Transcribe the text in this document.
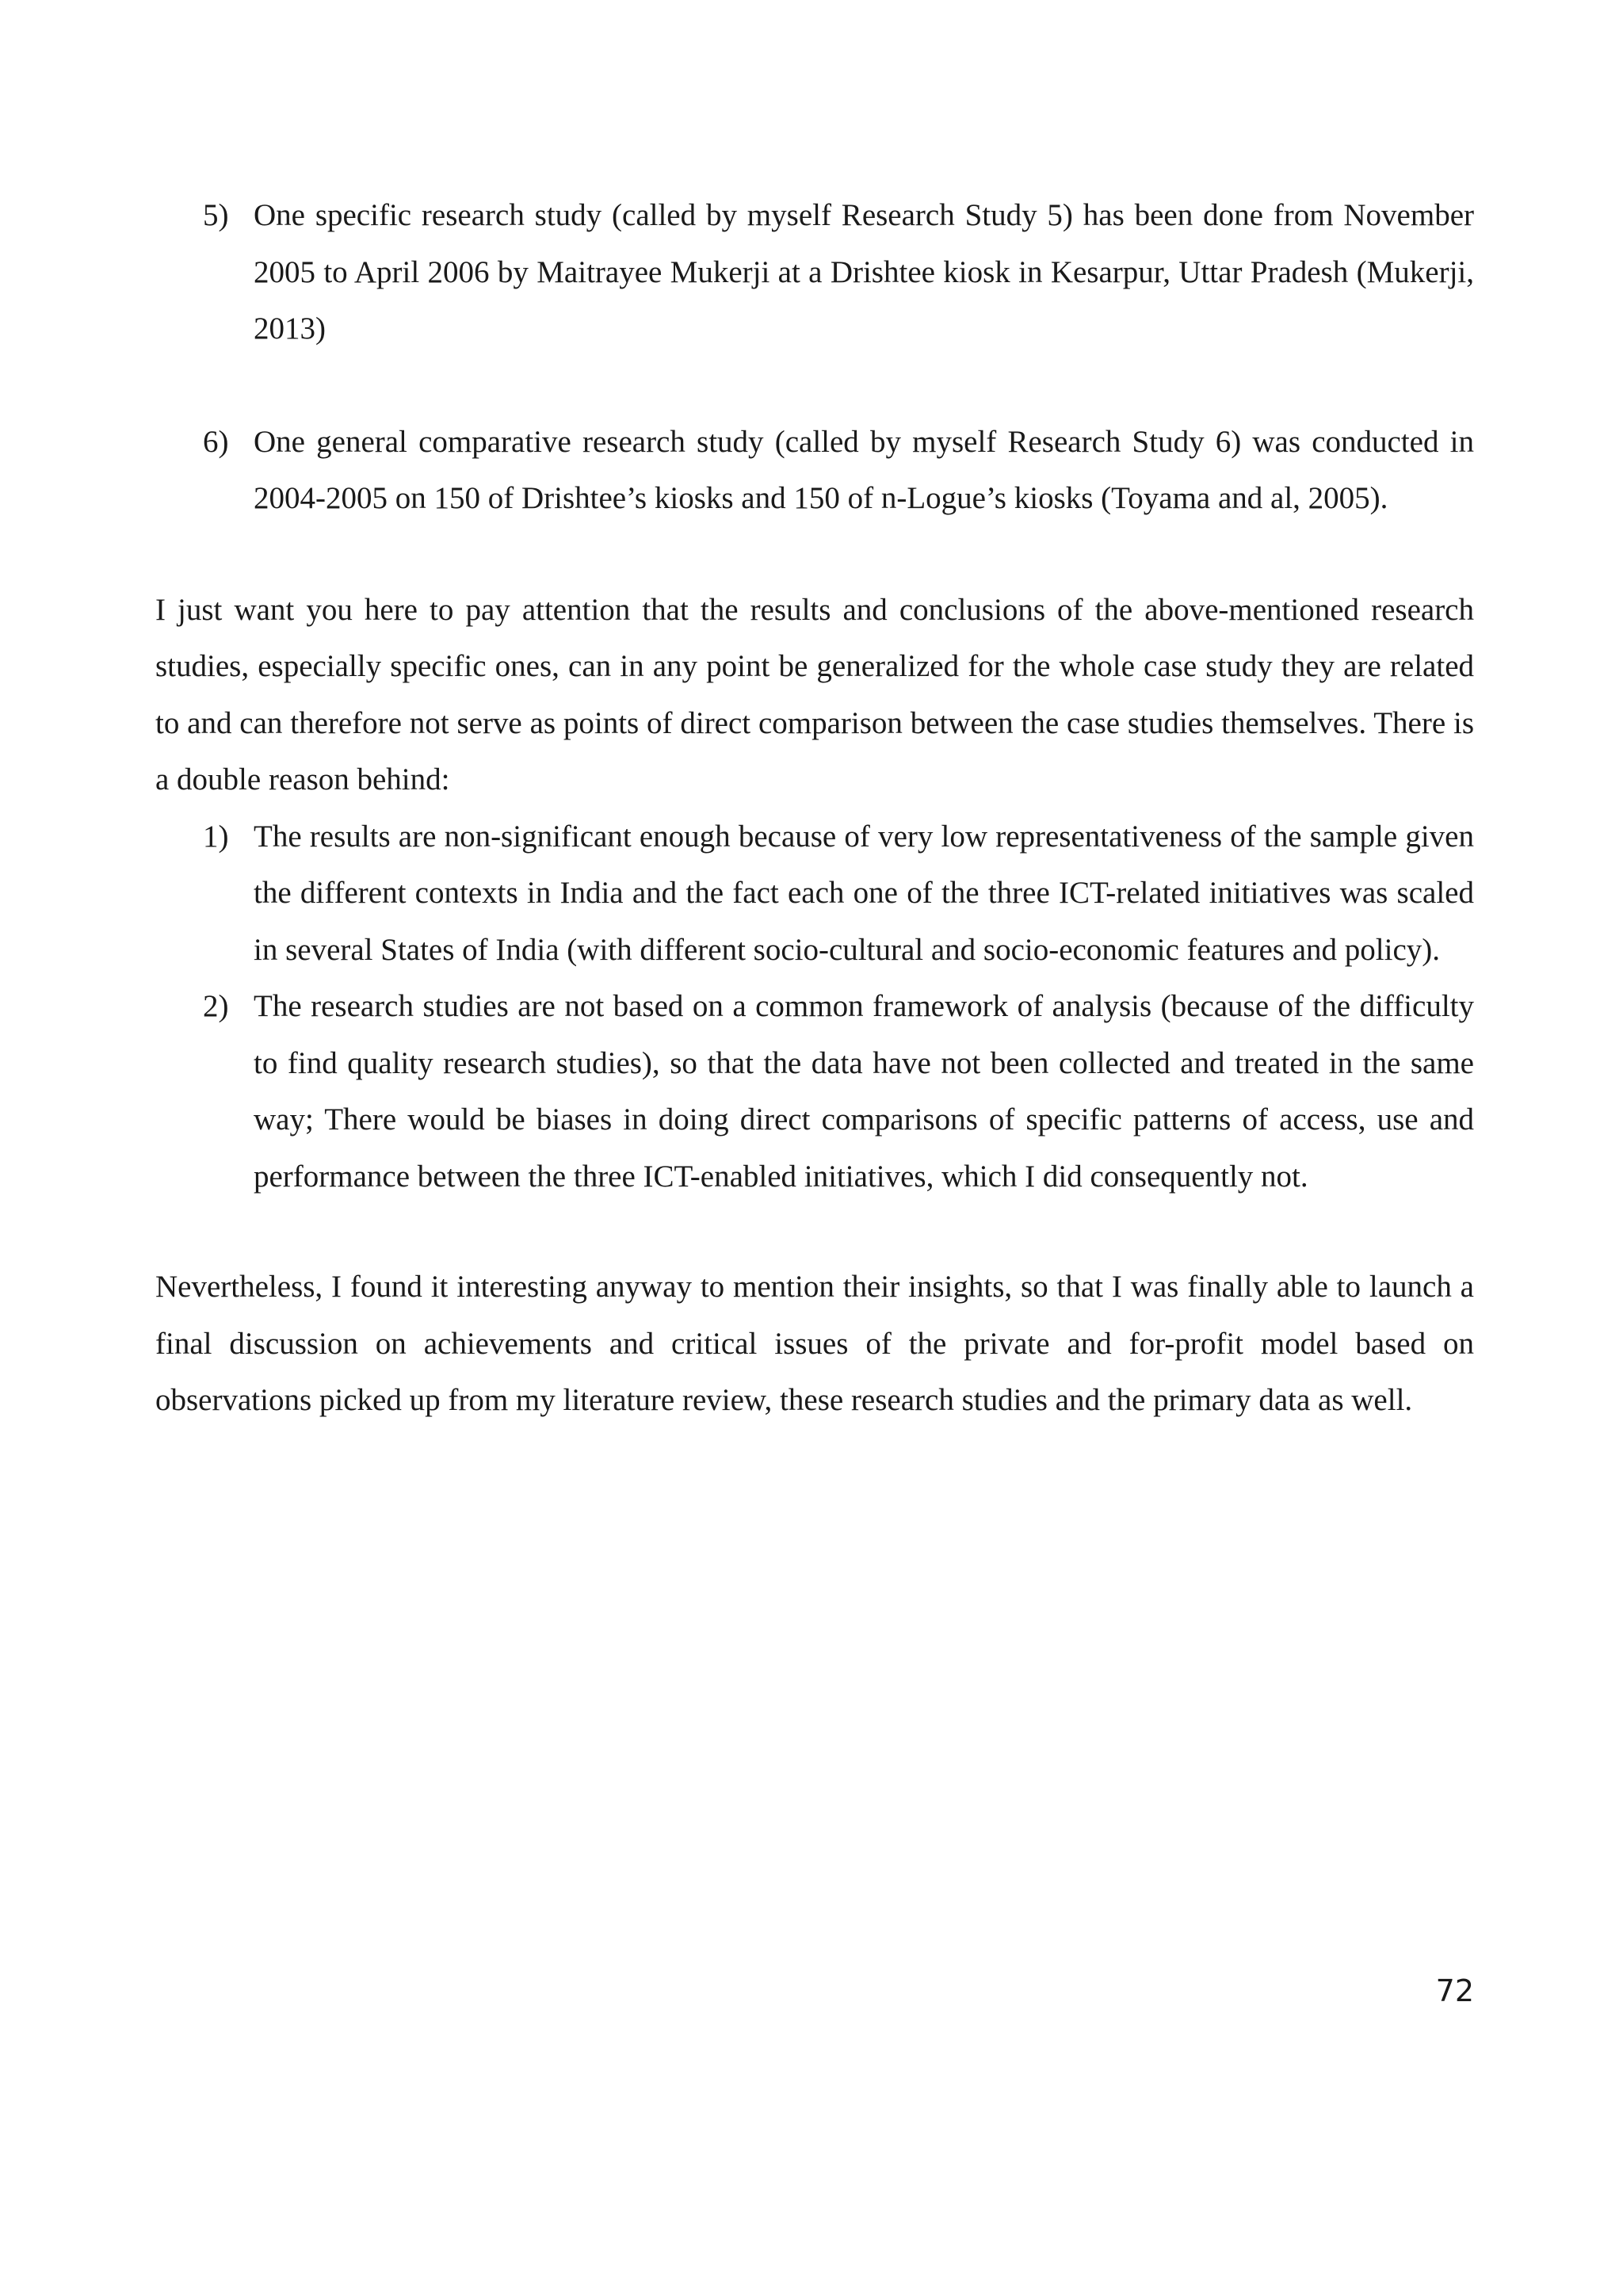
5) One specific research study (called by myself Research Study 5) has been done from November 2005 to April 2006 by Maitrayee Mukerji at a Drishtee kiosk in Kesarpur, Uttar Pradesh (Mukerji, 2013)
6) One general comparative research study (called by myself Research Study 6) was conducted in 2004-2005 on 150 of Drishtee’s kiosks and 150 of n-Logue’s kiosks (Toyama and al, 2005).

I just want you here to pay attention that the results and conclusions of the above-mentioned research studies, especially specific ones, can in any point be generalized for the whole case study they are related to and can therefore not serve as points of direct comparison between the case studies themselves. There is a double reason behind:

1) The results are non-significant enough because of very low representativeness of the sample given the different contexts in India and the fact each one of the three ICT-related initiatives was scaled in several States of India (with different socio-cultural and socio-economic features and policy).
2) The research studies are not based on a common framework of analysis (because of the difficulty to find quality research studies), so that the data have not been collected and treated in the same way; There would be biases in doing direct comparisons of specific patterns of access, use and performance between the three ICT-enabled initiatives, which I did consequently not.

Nevertheless, I found it interesting anyway to mention their insights, so that I was finally able to launch a final discussion on achievements and critical issues of the private and for-profit model based on observations picked up from my literature review, these research studies and the primary data as well.

72
